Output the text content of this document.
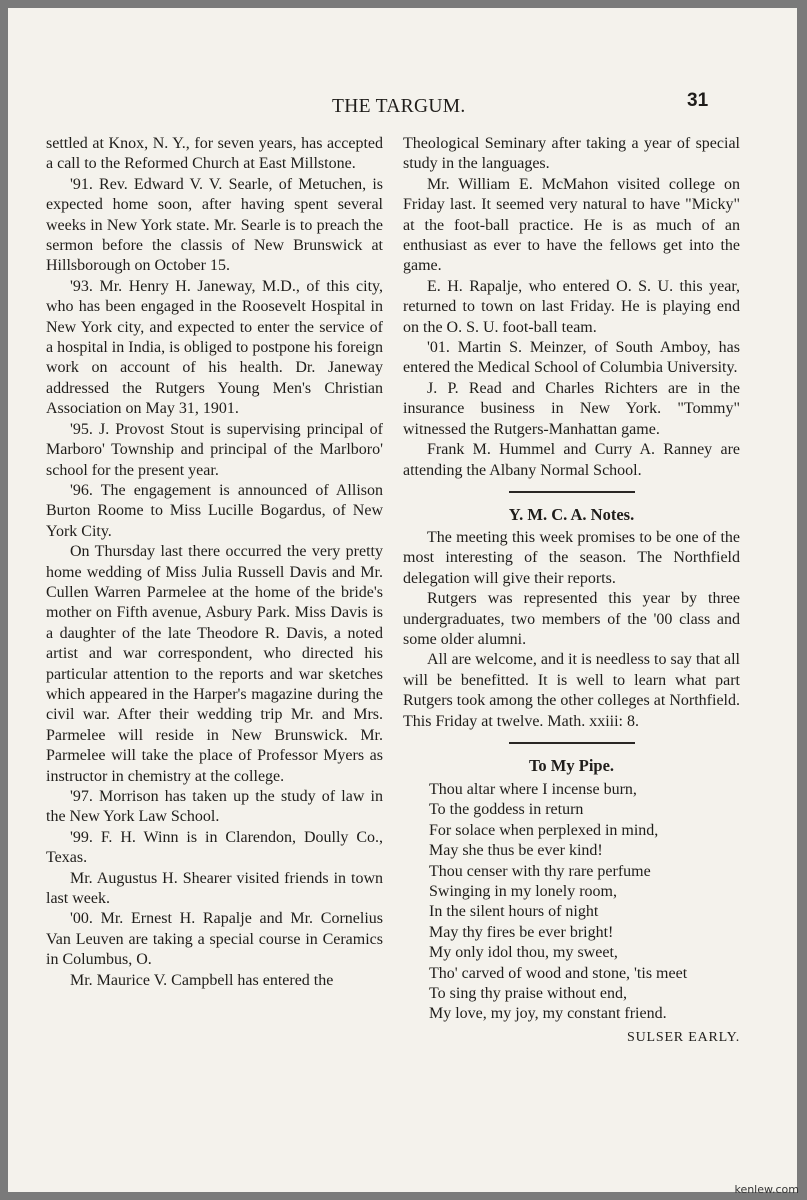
THE TARGUM.	31

settled at Knox, N. Y., for seven years, has accepted a call to the Reformed Church at East Millstone.

'91. Rev. Edward V. V. Searle, of Metuchen, is expected home soon, after having spent several weeks in New York state. Mr. Searle is to preach the sermon before the classis of New Brunswick at Hillsborough on October 15.

'93. Mr. Henry H. Janeway, M.D., of this city, who has been engaged in the Roosevelt Hospital in New York city, and expected to enter the service of a hospital in India, is obliged to postpone his foreign work on account of his health. Dr. Janeway addressed the Rutgers Young Men's Christian Association on May 31, 1901.

'95. J. Provost Stout is supervising principal of Marboro' Township and principal of the Marlboro' school for the present year.

'96. The engagement is announced of Allison Burton Roome to Miss Lucille Bogardus, of New York City.

On Thursday last there occurred the very pretty home wedding of Miss Julia Russell Davis and Mr. Cullen Warren Parmelee at the home of the bride's mother on Fifth avenue, Asbury Park. Miss Davis is a daughter of the late Theodore R. Davis, a noted artist and war correspondent, who directed his particular attention to the reports and war sketches which appeared in the Harper's magazine during the civil war. After their wedding trip Mr. and Mrs. Parmelee will reside in New Brunswick. Mr. Parmelee will take the place of Professor Myers as instructor in chemistry at the college.

'97. Morrison has taken up the study of law in the New York Law School.

'99. F. H. Winn is in Clarendon, Doully Co., Texas.

Mr. Augustus H. Shearer visited friends in town last week.

'00. Mr. Ernest H. Rapalje and Mr. Cornelius Van Leuven are taking a special course in Ceramics in Columbus, O.

Mr. Maurice V. Campbell has entered the

Theological Seminary after taking a year of special study in the languages.

Mr. William E. McMahon visited college on Friday last. It seemed very natural to have "Micky" at the foot-ball practice. He is as much of an enthusiast as ever to have the fellows get into the game.

E. H. Rapalje, who entered O. S. U. this year, returned to town on last Friday. He is playing end on the O. S. U. foot-ball team.

'01. Martin S. Meinzer, of South Amboy, has entered the Medical School of Columbia University.

J. P. Read and Charles Richters are in the insurance business in New York. "Tommy" witnessed the Rutgers-Manhattan game.

Frank M. Hummel and Curry A. Ranney are attending the Albany Normal School.

Y. M. C. A. Notes.

The meeting this week promises to be one of the most interesting of the season. The Northfield delegation will give their reports.

Rutgers was represented this year by three undergraduates, two members of the '00 class and some older alumni.

All are welcome, and it is needless to say that all will be benefitted. It is well to learn what part Rutgers took among the other colleges at Northfield. This Friday at twelve. Math. xxiii: 8.

To My Pipe.
Thou altar where I incense burn,
To the goddess in return
For solace when perplexed in mind,
May she thus be ever kind!
Thou censer with thy rare perfume
Swinging in my lonely room,
In the silent hours of night
May thy fires be ever bright!
My only idol thou, my sweet,
Tho' carved of wood and stone, 'tis meet
To sing thy praise without end,
My love, my joy, my constant friend.
SULSER EARLY.
kenlew.com
